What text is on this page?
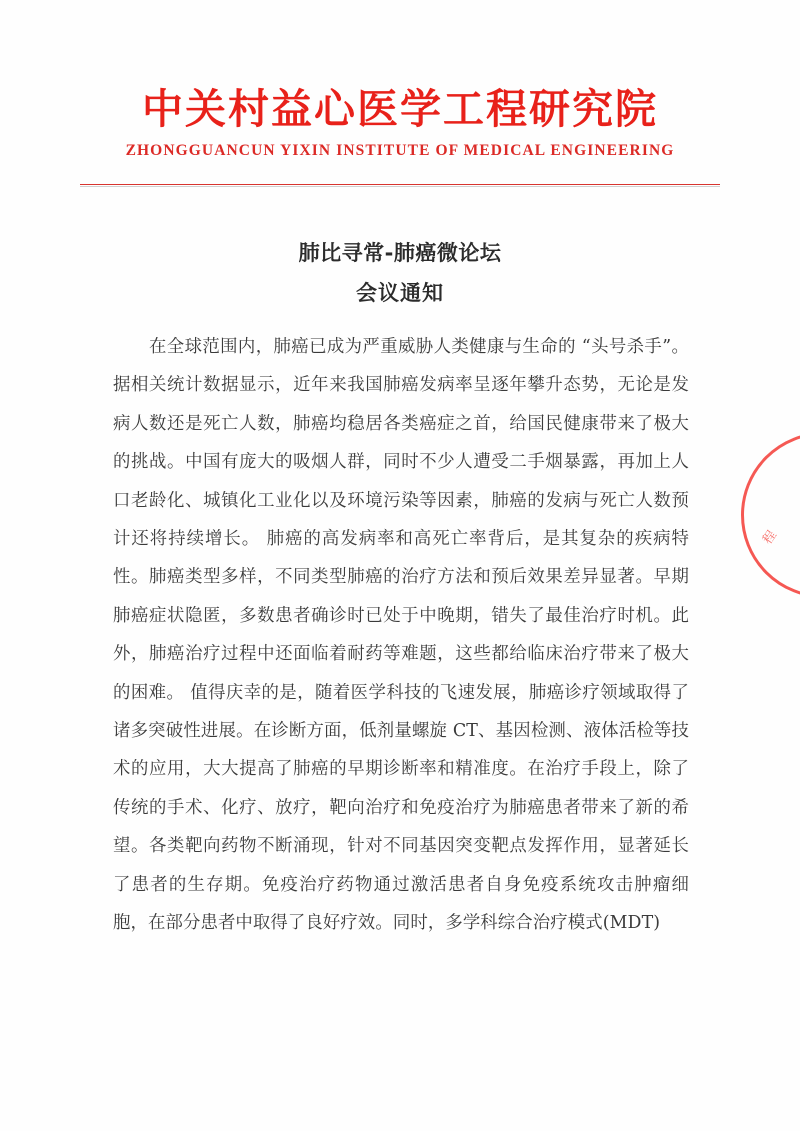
中关村益心医学工程研究院
ZHONGGUANCUN YIXIN INSTITUTE OF MEDICAL ENGINEERING
肺比寻常-肺癌微论坛
会议通知
在全球范围内，肺癌已成为严重威胁人类健康与生命的 “头号杀手”。据相关统计数据显示，近年来我国肺癌发病率呈逐年攀升态势，无论是发病人数还是死亡人数，肺癌均稳居各类癌症之首，给国民健康带来了极大的挑战。中国有庞大的吸烟人群，同时不少人遭受二手烟暴露，再加上人口老龄化、城镇化工业化以及环境污染等因素，肺癌的发病与死亡人数预计还将持续增长。 肺癌的高发病率和高死亡率背后，是其复杂的疾病特性。肺癌类型多样，不同类型肺癌的治疗方法和预后效果差异显著。早期肺癌症状隐匿，多数患者确诊时已处于中晚期，错失了最佳治疗时机。此外，肺癌治疗过程中还面临着耐药等难题，这些都给临床治疗带来了极大的困难。 值得庆幸的是，随着医学科技的飞速发展，肺癌诊疗领域取得了诸多突破性进展。在诊断方面，低剂量螺旋 CT、基因检测、液体活检等技术的应用，大大提高了肺癌的早期诊断率和精准度。在治疗手段上，除了传统的手术、化疗、放疗，靶向治疗和免疫治疗为肺癌患者带来了新的希望。各类靶向药物不断涌现，针对不同基因突变靶点发挥作用，显著延长了患者的生存期。免疫治疗药物通过激活患者自身免疫系统攻击肿瘤细胞，在部分患者中取得了良好疗效。同时，多学科综合治疗模式(MDT)
程
